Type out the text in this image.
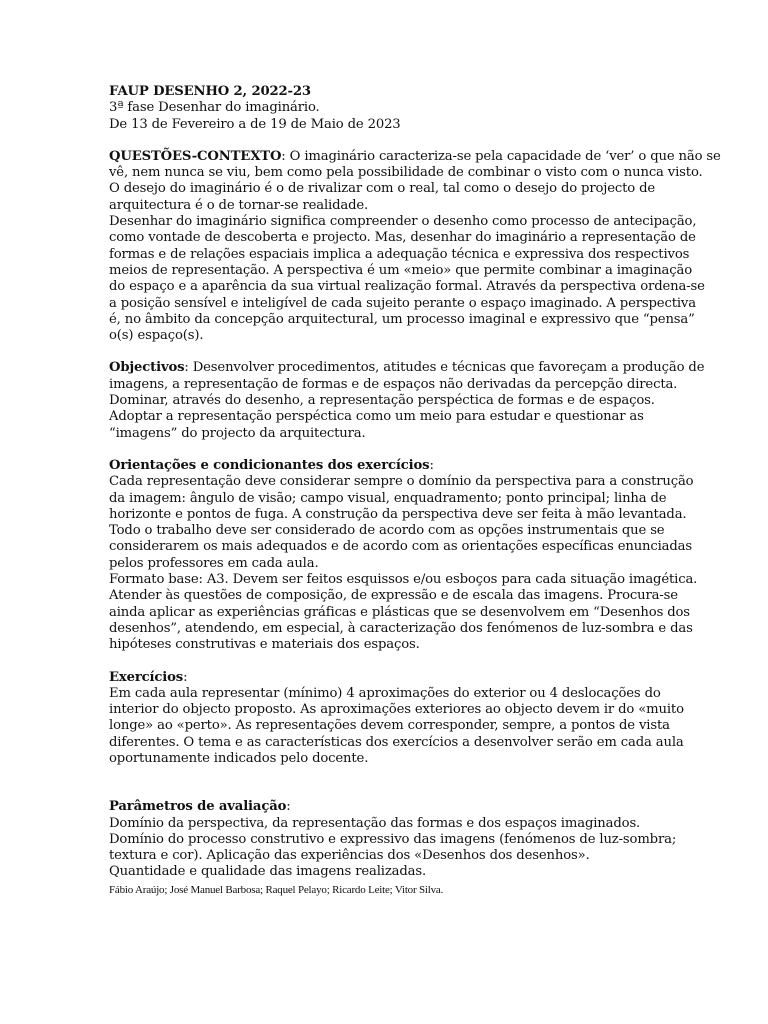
FAUP DESENHO 2, 2022-23
3ª fase Desenhar do imaginário.
De 13 de Fevereiro a de 19 de Maio de 2023
QUESTÕES-CONTEXTO: O imaginário caracteriza-se pela capacidade de ‘ver’ o que não se
vê, nem nunca se viu, bem como pela possibilidade de combinar o visto com o nunca visto.
O desejo do imaginário é o de rivalizar com o real, tal como o desejo do projecto de
arquitectura é o de tornar-se realidade.
Desenhar do imaginário significa compreender o desenho como processo de antecipação,
como vontade de descoberta e projecto. Mas, desenhar do imaginário a representação de
formas e de relações espaciais implica a adequação técnica e expressiva dos respectivos
meios de representação. A perspectiva é um «meio» que permite combinar a imaginação
do espaço e a aparência da sua virtual realização formal. Através da perspectiva ordena-se
a posição sensível e inteligível de cada sujeito perante o espaço imaginado. A perspectiva
é, no âmbito da concepção arquitectural, um processo imaginal e expressivo que “pensa”
o(s) espaço(s).
Objectivos: Desenvolver procedimentos, atitudes e técnicas que favoreçam a produção de
imagens, a representação de formas e de espaços não derivadas da percepção directa.
Dominar, através do desenho, a representação perspéctica de formas e de espaços.
Adoptar a representação perspéctica como um meio para estudar e questionar as
“imagens” do projecto da arquitectura.
Orientações e condicionantes dos exercícios:
Cada representação deve considerar sempre o domínio da perspectiva para a construção
da imagem: ângulo de visão; campo visual, enquadramento; ponto principal; linha de
horizonte e pontos de fuga. A construção da perspectiva deve ser feita à mão levantada.
Todo o trabalho deve ser considerado de acordo com as opções instrumentais que se
considerarem os mais adequados e de acordo com as orientações específicas enunciadas
pelos professores em cada aula.
Formato base: A3. Devem ser feitos esquissos e/ou esboços para cada situação imagética.
Atender às questões de composição, de expressão e de escala das imagens. Procura-se
ainda aplicar as experiências gráficas e plásticas que se desenvolvem em “Desenhos dos
desenhos”, atendendo, em especial, à caracterização dos fenómenos de luz-sombra e das
hipóteses construtivas e materiais dos espaços.
Exercícios:
Em cada aula representar (mínimo) 4 aproximações do exterior ou 4 deslocações do
interior do objecto proposto. As aproximações exteriores ao objecto devem ir do «muito
longe» ao «perto». As representações devem corresponder, sempre, a pontos de vista
diferentes. O tema e as características dos exercícios a desenvolver serão em cada aula
oportunamente indicados pelo docente.
Parâmetros de avaliação:
Domínio da perspectiva, da representação das formas e dos espaços imaginados.
Domínio do processo construtivo e expressivo das imagens (fenómenos de luz-sombra;
textura e cor). Aplicação das experiências dos «Desenhos dos desenhos».
Quantidade e qualidade das imagens realizadas.
Fábio Araújo; José Manuel Barbosa; Raquel Pelayo; Ricardo Leite; Vitor Silva.
